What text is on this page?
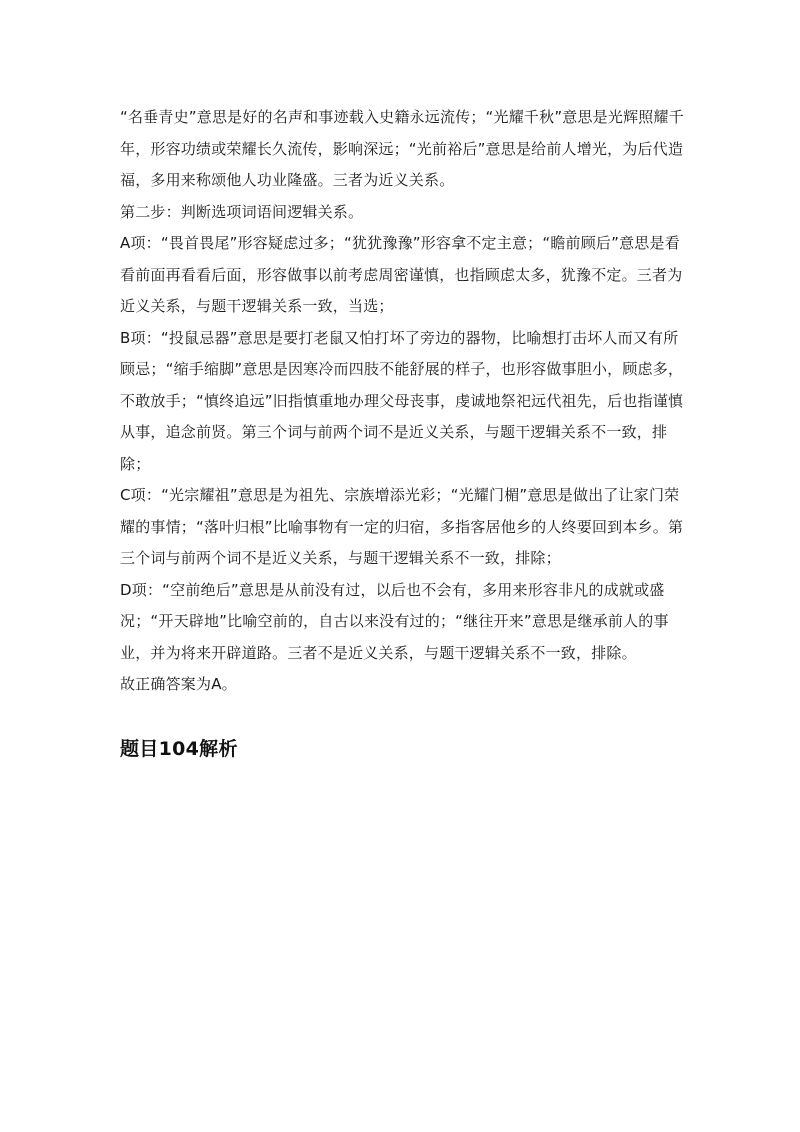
“名垂青史”意思是好的名声和事迹载入史籍永远流传；“光耀千秋”意思是光辉照耀千年，形容功绩或荣耀长久流传，影响深远；“光前裕后”意思是给前人增光，为后代造福，多用来称颂他人功业隆盛。三者为近义关系。

第二步：判断选项词语间逻辑关系。

A项：“畏首畏尾”形容疑虑过多；“犹犹豫豫”形容拿不定主意；“瞻前顾后”意思是看看前面再看看后面，形容做事以前考虑周密谨慎，也指顾虑太多，犹豫不定。三者为近义关系，与题干逻辑关系一致，当选；

B项：“投鼠忌器”意思是要打老鼠又怕打坏了旁边的器物，比喻想打击坏人而又有所顾忌；“缩手缩脚”意思是因寒冷而四肢不能舒展的样子，也形容做事胆小，顾虑多，不敢放手；“慎终追远”旧指慎重地办理父母丧事，虔诚地祭祀远代祖先，后也指谨慎从事，追念前贤。第三个词与前两个词不是近义关系，与题干逻辑关系不一致，排除；

C项：“光宗耀祖”意思是为祖先、宗族增添光彩；“光耀门楣”意思是做出了让家门荣耀的事情；“落叶归根”比喻事物有一定的归宿，多指客居他乡的人终要回到本乡。第三个词与前两个词不是近义关系，与题干逻辑关系不一致，排除；

D项：“空前绝后”意思是从前没有过，以后也不会有，多用来形容非凡的成就或盛况；“开天辟地”比喻空前的，自古以来没有过的；“继往开来”意思是继承前人的事业，并为将来开辟道路。三者不是近义关系，与题干逻辑关系不一致，排除。

故正确答案为A。

题目104解析
